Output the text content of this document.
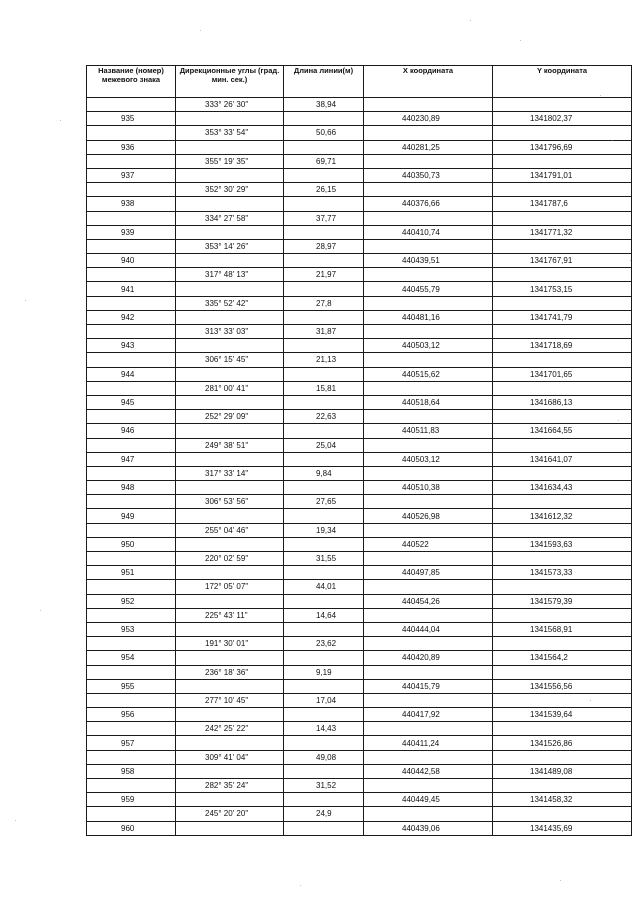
Название (номер) межевого знака	Дирекционные углы (град. мин. сек.)	Длина линии(м)	X координата	Y координата
	333° 26' 30"	38,94		
935			440230,89	1341802,37
	353° 33' 54"	50,66		
936			440281,25	1341796,69
	355° 19' 35"	69,71		
937			440350,73	1341791,01
	352° 30' 29"	26,15		
938			440376,66	1341787,6
	334° 27' 58"	37,77		
939			440410,74	1341771,32
	353° 14' 26"	28,97		
940			440439,51	1341767,91
	317° 48' 13"	21,97		
941			440455,79	1341753,15
	335° 52' 42"	27,8		
942			440481,16	1341741,79
	313° 33' 03"	31,87		
943			440503,12	1341718,69
	306° 15' 45"	21,13		
944			440515,62	1341701,65
	281° 00' 41"	15,81		
945			440518,64	1341686,13
	252° 29' 09"	22,63		
946			440511,83	1341664,55
	249° 38' 51"	25,04		
947			440503,12	1341641,07
	317° 33' 14"	9,84		
948			440510,38	1341634,43
	306° 53' 56"	27,65		
949			440526,98	1341612,32
	255° 04' 46"	19,34		
950			440522	1341593,63
	220° 02' 59"	31,55		
951			440497,85	1341573,33
	172° 05' 07"	44,01		
952			440454,26	1341579,39
	225° 43' 11"	14,64		
953			440444,04	1341568,91
	191° 30' 01"	23,62		
954			440420,89	1341564,2
	236° 18' 36"	9,19		
955			440415,79	1341556,56
	277° 10' 45"	17,04		
956			440417,92	1341539,64
	242° 25' 22"	14,43		
957			440411,24	1341526,86
	309° 41' 04"	49,08		
958			440442,58	1341489,08
	282° 35' 24"	31,52		
959			440449,45	1341458,32
	245° 20' 20"	24,9		
960			440439,06	1341435,69
